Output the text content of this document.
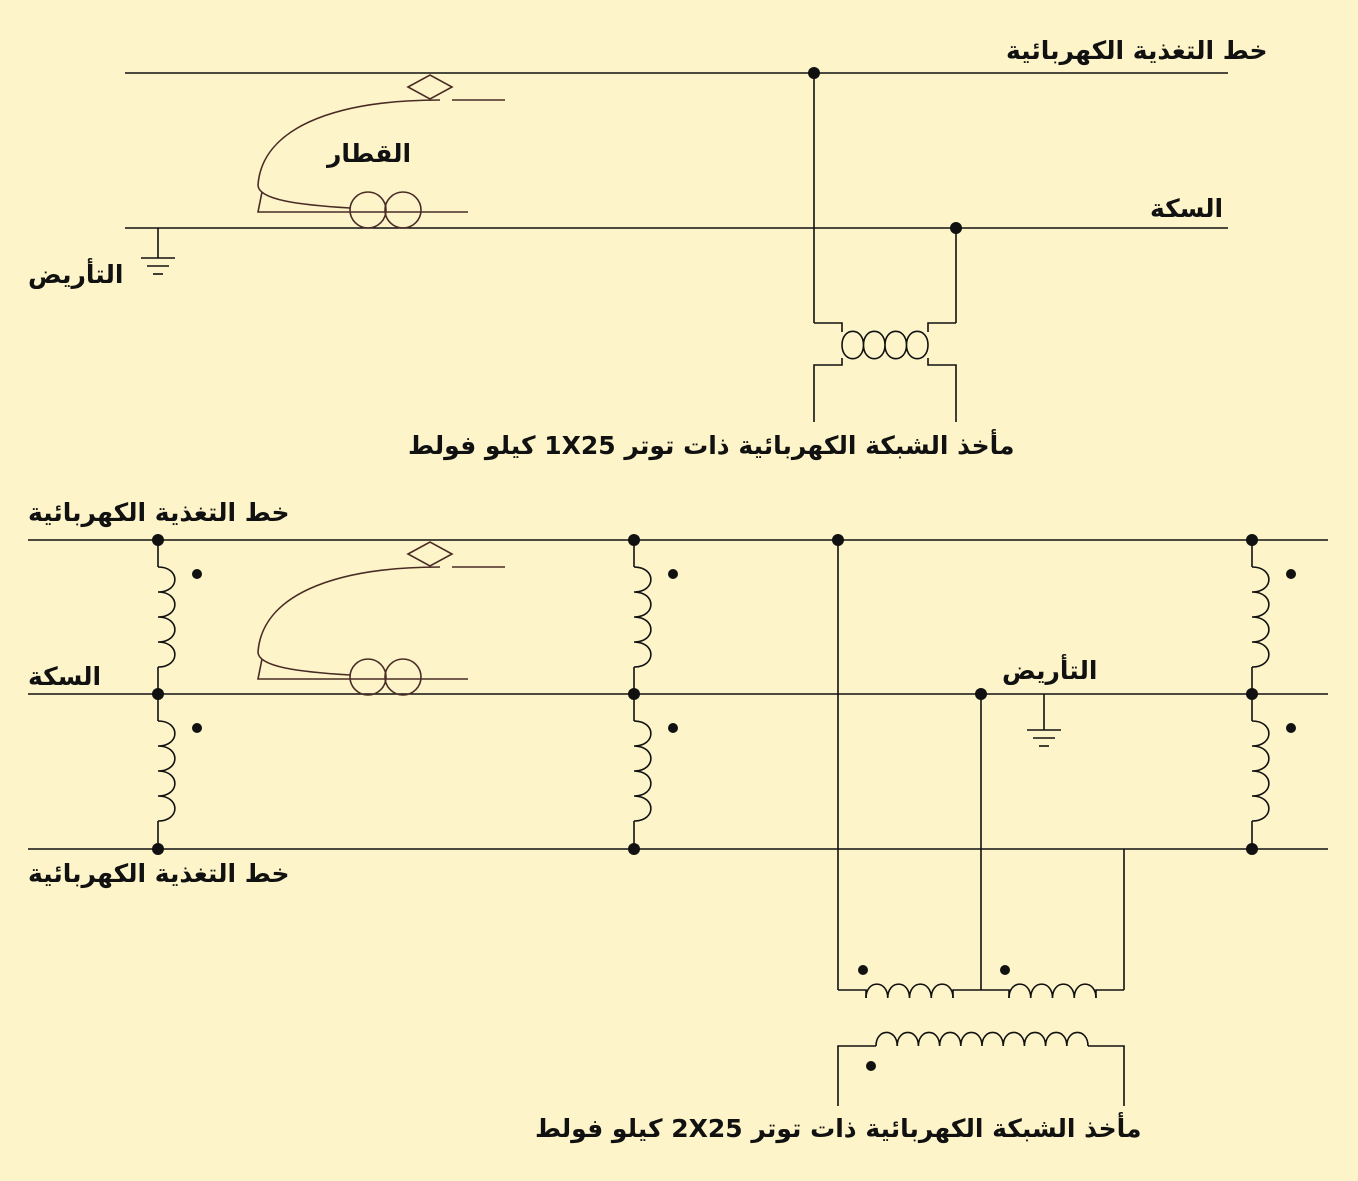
خط التغذية الكهربائية
السكة
التأريض
القطار
مأخذ الشبكة الكهربائية ذات توتر 1X25 كيلو فولط
خط التغذية الكهربائية
السكة	التأريض
خط التغذية الكهربائية
مأخذ الشبكة الكهربائية ذات توتر 2X25 كيلو فولط
